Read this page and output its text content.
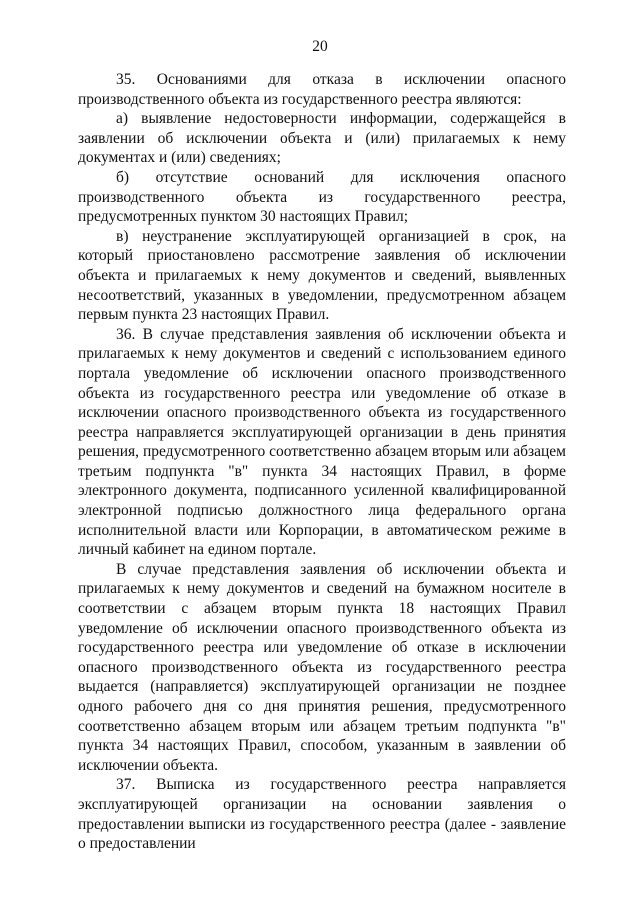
20

35. Основаниями для отказа в исключении опасного производственного объекта из государственного реестра являются:

а) выявление недостоверности информации, содержащейся в заявлении об исключении объекта и (или) прилагаемых к нему документах и (или) сведениях;

б) отсутствие оснований для исключения опасного производственного объекта из государственного реестра, предусмотренных пунктом 30 настоящих Правил;

в) неустранение эксплуатирующей организацией в срок, на который приостановлено рассмотрение заявления об исключении объекта и прилагаемых к нему документов и сведений, выявленных несоответствий, указанных в уведомлении, предусмотренном абзацем первым пункта 23 настоящих Правил.

36. В случае представления заявления об исключении объекта и прилагаемых к нему документов и сведений с использованием единого портала уведомление об исключении опасного производственного объекта из государственного реестра или уведомление об отказе в исключении опасного производственного объекта из государственного реестра направляется эксплуатирующей организации в день принятия решения, предусмотренного соответственно абзацем вторым или абзацем третьим подпункта "в" пункта 34 настоящих Правил, в форме электронного документа, подписанного усиленной квалифицированной электронной подписью должностного лица федерального органа исполнительной власти или Корпорации, в автоматическом режиме в личный кабинет на едином портале.

В случае представления заявления об исключении объекта и прилагаемых к нему документов и сведений на бумажном носителе в соответствии с абзацем вторым пункта 18 настоящих Правил уведомление об исключении опасного производственного объекта из государственного реестра или уведомление об отказе в исключении опасного производственного объекта из государственного реестра выдается (направляется) эксплуатирующей организации не позднее одного рабочего дня со дня принятия решения, предусмотренного соответственно абзацем вторым или абзацем третьим подпункта "в" пункта 34 настоящих Правил, способом, указанным в заявлении об исключении объекта.

37. Выписка из государственного реестра направляется эксплуатирующей организации на основании заявления о предоставлении выписки из государственного реестра (далее - заявление о предоставлении
